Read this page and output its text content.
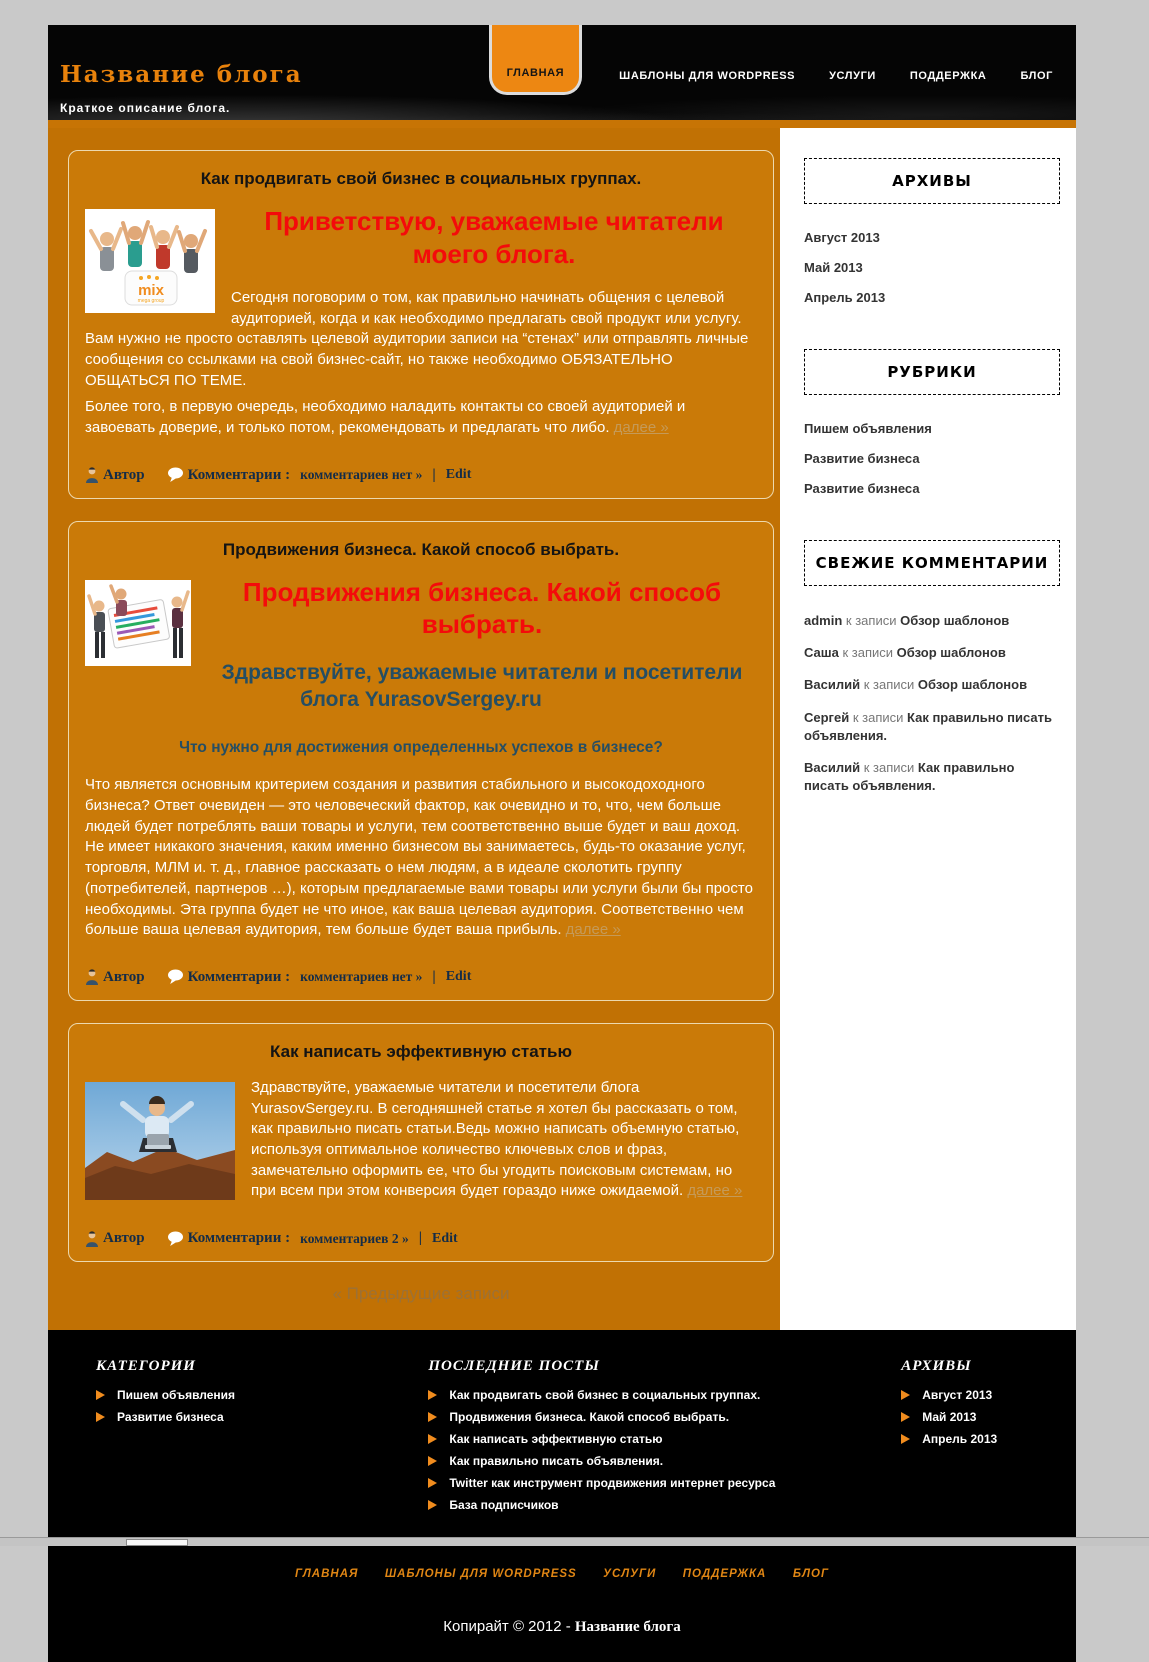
Название блога
Краткое описание блога.
ГЛАВНАЯ	ШАБЛОНЫ ДЛЯ WORDPRESS	УСЛУГИ	ПОДДЕРЖКА	БЛОГ
Как продвигать свой бизнес в социальных группах.
mix
mega group
Приветствую, уважаемые читатели моего блога.

Сегодня поговорим о том, как правильно начинать общения с целевой аудиторией, когда и как необходимо предлагать свой продукт или услугу. Вам нужно не просто оставлять целевой аудитории записи на “стенах” или отправлять личные сообщения со ссылками на свой бизнес-сайт, но также необходимо ОБЯЗАТЕЛЬНО ОБЩАТЬСЯ ПО ТЕМЕ.

Более того, в первую очередь, необходимо наладить контакты со своей аудиторией и завоевать доверие, и только потом, рекомендовать и предлагать что либо. далее »

Автор	Комментарии : комментариев нет » | Edit
Продвижения бизнеса. Какой способ выбрать.
Продвижения бизнеса. Какой способ выбрать.
Здравствуйте, уважаемые читатели и посетители блога YurasovSergey.ru
Что нужно для достижения определенных успехов в бизнесе?

Что является основным критерием создания и развития стабильного и высокодоходного бизнеса? Ответ очевиден — это человеческий фактор, как очевидно и то, что, чем больше людей будет потреблять ваши товары и услуги, тем соответственно выше будет и ваш доход. Не имеет никакого значения, каким именно бизнесом вы занимаетесь, будь-то оказание услуг, торговля, МЛМ и. т. д., главное рассказать о нем людям, а в идеале сколотить группу (потребителей, партнеров …), которым предлагаемые вами товары или услуги были бы просто необходимы. Эта группа будет не что иное, как ваша целевая аудитория. Соответственно чем больше ваша целевая аудитория, тем больше будет ваша прибыль. далее »

Автор	Комментарии : комментариев нет » | Edit
Как написать эффективную статью

Здравствуйте, уважаемые читатели и посетители блога YurasovSergey.ru. В сегодняшней статье я хотел бы рассказать о том, как правильно писать статьи.Ведь можно написать объемную статью, используя оптимальное количество ключевых слов и фраз, замечательно оформить ее, что бы угодить поисковым системам, но при всем при этом конверсия будет гораздо ниже ожидаемой. далее »

Автор	Комментарии : комментариев 2 » | Edit
« Предыдущие записи
АРХИВЫ
Август 2013
Май 2013
Апрель 2013
РУБРИКИ
Пишем объявления
Развитие бизнеса
Развитие бизнеса
СВЕЖИЕ КОММЕНТАРИИ
admin к записи Обзор шаблонов
Саша к записи Обзор шаблонов
Василий к записи Обзор шаблонов
Сергей к записи Как правильно писать объявления.
Василий к записи Как правильно писать объявления.
КАТЕГОРИИ
Пишем объявления
Развитие бизнеса
ПОСЛЕДНИЕ ПОСТЫ
Как продвигать свой бизнес в социальных группах.
Продвижения бизнеса. Какой способ выбрать.
Как написать эффективную статью
Как правильно писать объявления.
Twitter как инструмент продвижения интернет ресурса
База подписчиков
АРХИВЫ
Август 2013
Май 2013
Апрель 2013
ГЛАВНАЯ ШАБЛОНЫ ДЛЯ WORDPRESS УСЛУГИ ПОДДЕРЖКА БЛОГ
Копирайт © 2012 - Название блога
